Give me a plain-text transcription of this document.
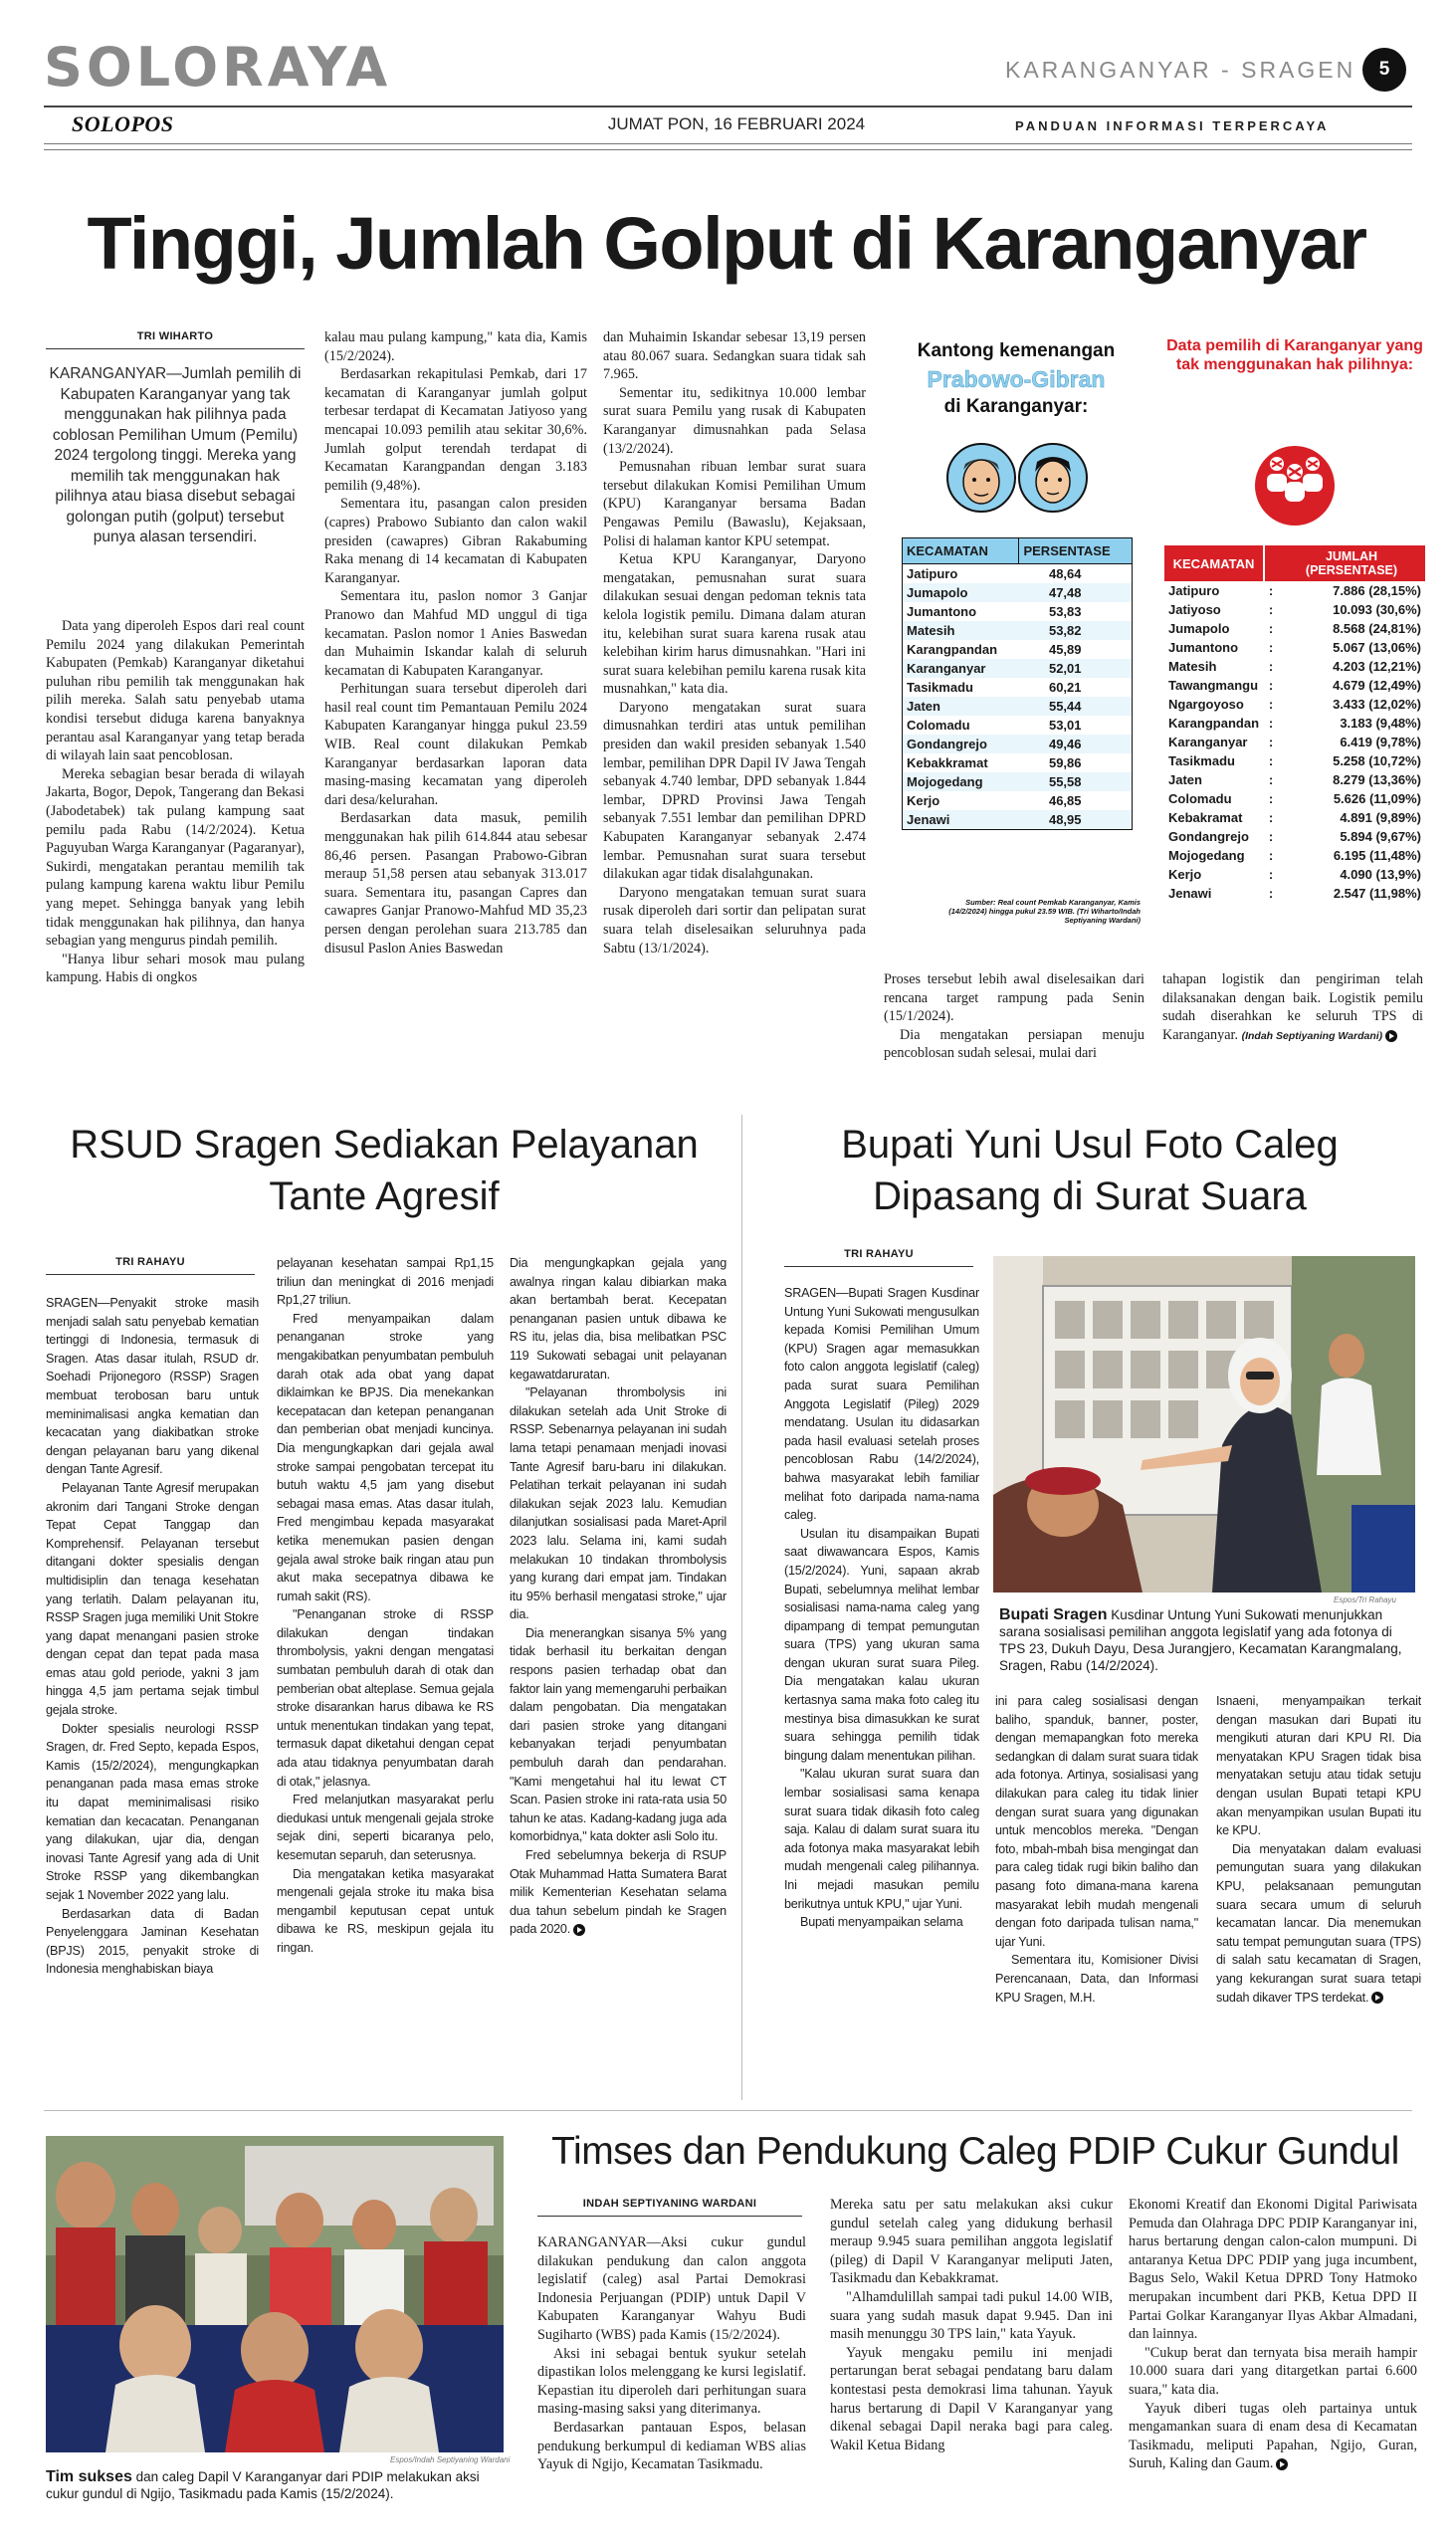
SOLORAYA	KARANGANYAR - SRAGEN	5
SOLOPOS	JUMAT PON, 16 FEBRUARI 2024	PANDUAN INFORMASI TERPERCAYA
Tinggi, Jumlah Golput di Karanganyar
TRI WIHARTO
KARANGANYAR—Jumlah pemilih di Kabupaten Karanganyar yang tak menggunakan hak pilihnya pada coblosan Pemilihan Umum (Pemilu) 2024 tergolong tinggi. Mereka yang memilih tak menggunakan hak pilihnya atau biasa disebut sebagai golongan putih (golput) tersebut punya alasan tersendiri.

Data yang diperoleh Espos dari real count Pemilu 2024 yang dilakukan Pemerintah Kabupaten (Pemkab) Karanganyar diketahui puluhan ribu pemilih tak menggunakan hak pilih mereka. Salah satu penyebab utama kondisi tersebut diduga karena banyaknya perantau asal Karanganyar yang tetap berada di wilayah lain saat pencoblosan.

Mereka sebagian besar berada di wilayah Jakarta, Bogor, Depok, Tangerang dan Bekasi (Jabodetabek) tak pulang kampung saat pemilu pada Rabu (14/2/2024). Ketua Paguyuban Warga Karanganyar (Pagaranyar), Sukirdi, mengatakan perantau memilih tak pulang kampung karena waktu libur Pemilu yang mepet. Sehingga banyak yang lebih tidak menggunakan hak pilihnya, dan hanya sebagian yang mengurus pindah pemilih.

"Hanya libur sehari mosok mau pulang kampung. Habis di ongkos

kalau mau pulang kampung," kata dia, Kamis (15/2/2024).

Berdasarkan rekapitulasi Pemkab, dari 17 kecamatan di Karanganyar jumlah golput terbesar terdapat di Kecamatan Jatiyoso yang mencapai 10.093 pemilih atau sekitar 30,6%. Jumlah golput terendah terdapat di Kecamatan Karangpandan dengan 3.183 pemilih (9,48%).

Sementara itu, pasangan calon presiden (capres) Prabowo Subianto dan calon wakil presiden (cawapres) Gibran Rakabuming Raka menang di 14 kecamatan di Kabupaten Karanganyar.

Sementara itu, paslon nomor 3 Ganjar Pranowo dan Mahfud MD unggul di tiga kecamatan. Paslon nomor 1 Anies Baswedan dan Muhaimin Iskandar kalah di seluruh kecamatan di Kabupaten Karanganyar.

Perhitungan suara tersebut diperoleh dari hasil real count tim Pemantauan Pemilu 2024 Kabupaten Karanganyar hingga pukul 23.59 WIB. Real count dilakukan Pemkab Karanganyar berdasarkan laporan data masing-masing kecamatan yang diperoleh dari desa/kelurahan.

Berdasarkan data masuk, pemilih menggunakan hak pilih 614.844 atau sebesar 86,46 persen. Pasangan Prabowo-Gibran meraup 51,58 persen atau sebanyak 313.017 suara. Sementara itu, pasangan Capres dan cawapres Ganjar Pranowo-Mahfud MD 35,23 persen dengan perolehan suara 213.785 dan disusul Paslon Anies Baswedan

dan Muhaimin Iskandar sebesar 13,19 persen atau 80.067 suara. Sedangkan suara tidak sah 7.965.

Sementar itu, sedikitnya 10.000 lembar surat suara Pemilu yang rusak di Kabupaten Karanganyar dimusnahkan pada Selasa (13/2/2024).

Pemusnahan ribuan lembar surat suara tersebut dilakukan Komisi Pemilihan Umum (KPU) Karanganyar bersama Badan Pengawas Pemilu (Bawaslu), Kejaksaan, Polisi di halaman kantor KPU setempat.

Ketua KPU Karanganyar, Daryono mengatakan, pemusnahan surat suara dilakukan sesuai dengan pedoman teknis tata kelola logistik pemilu. Dimana dalam aturan itu, kelebihan surat suara karena rusak atau kelebihan kirim harus dimusnahkan. "Hari ini surat suara kelebihan pemilu karena rusak kita musnahkan," kata dia.

Daryono mengatakan surat suara dimusnahkan terdiri atas untuk pemilihan presiden dan wakil presiden sebanyak 1.540 lembar, pemilihan DPR Dapil IV Jawa Tengah sebanyak 4.740 lembar, DPD sebanyak 1.844 lembar, DPRD Provinsi Jawa Tengah sebanyak 7.551 lembar dan pemilihan DPRD Kabupaten Karanganyar sebanyak 2.474 lembar. Pemusnahan surat suara tersebut dilakukan agar tidak disalahgunakan.

Daryono mengatakan temuan surat suara rusak diperoleh dari sortir dan pelipatan surat suara telah diselesaikan seluruhnya pada Sabtu (13/1/2024).

Kantong kemenangan
Prabowo-Gibran
di Karanganyar:
KECAMATAN	PERSENTASE
Jatipuro	48,64
Jumapolo	47,48
Jumantono	53,83
Matesih	53,82
Karangpandan	45,89
Karanganyar	52,01
Tasikmadu	60,21
Jaten	55,44
Colomadu	53,01
Gondangrejo	49,46
Kebakkramat	59,86
Mojogedang	55,58
Kerjo	46,85
Jenawi	48,95
Sumber: Real count Pemkab Karanganyar, Kamis (14/2/2024) hingga pukul 23.59 WIB. (Tri Wiharto/Indah Septiyaning Wardani)
Data pemilih di Karanganyar yang tak menggunakan hak pilihnya:
KECAMATAN		JUMLAH (PERSENTASE)
Jatipuro	:	7.886 (28,15%)
Jatiyoso	:	10.093 (30,6%)
Jumapolo	:	8.568 (24,81%)
Jumantono	:	5.067 (13,06%)
Matesih	:	4.203 (12,21%)
Tawangmangu	:	4.679 (12,49%)
Ngargoyoso	:	3.433 (12,02%)
Karangpandan	:	3.183 (9,48%)
Karanganyar	:	6.419 (9,78%)
Tasikmadu	:	5.258 (10,72%)
Jaten	:	8.279 (13,36%)
Colomadu	:	5.626 (11,09%)
Kebakramat	:	4.891 (9,89%)
Gondangrejo	:	5.894 (9,67%)
Mojogedang	:	6.195 (11,48%)
Kerjo	:	4.090 (13,9%)
Jenawi	:	2.547 (11,98%)

Proses tersebut lebih awal diselesaikan dari rencana target rampung pada Senin (15/1/2024).

Dia mengatakan persiapan menuju pencoblosan sudah selesai, mulai dari

tahapan logistik dan pengiriman telah dilaksanakan dengan baik. Logistik pemilu sudah diserahkan ke seluruh TPS di Karanganyar. (Indah Septiyaning Wardani)

RSUD Sragen Sediakan Pelayanan
Tante Agresif
TRI RAHAYU

SRAGEN—Penyakit stroke masih menjadi salah satu penyebab kematian tertinggi di Indonesia, termasuk di Sragen. Atas dasar itulah, RSUD dr. Soehadi Prijonegoro (RSSP) Sragen membuat terobosan baru untuk meminimalisasi angka kematian dan kecacatan yang diakibatkan stroke dengan pelayanan baru yang dikenal dengan Tante Agresif.

Pelayanan Tante Agresif merupakan akronim dari Tangani Stroke dengan Tepat Cepat Tanggap dan Komprehensif. Pelayanan tersebut ditangani dokter spesialis dengan multidisiplin dan tenaga kesehatan yang terlatih. Dalam pelayanan itu, RSSP Sragen juga memiliki Unit Stokre yang dapat menangani pasien stroke dengan cepat dan tepat pada masa emas atau gold periode, yakni 3 jam hingga 4,5 jam pertama sejak timbul gejala stroke.

Dokter spesialis neurologi RSSP Sragen, dr. Fred Septo, kepada Espos, Kamis (15/2/2024), mengungkapkan penanganan pada masa emas stroke itu dapat meminimalisasi risiko kematian dan kecacatan. Penanganan yang dilakukan, ujar dia, dengan inovasi Tante Agresif yang ada di Unit Stroke RSSP yang dikembangkan sejak 1 November 2022 yang lalu.

Berdasarkan data di Badan Penyelenggara Jaminan Kesehatan (BPJS) 2015, penyakit stroke di Indonesia menghabiskan biaya

pelayanan kesehatan sampai Rp1,15 triliun dan meningkat di 2016 menjadi Rp1,27 triliun.

Fred menyampaikan dalam penanganan stroke yang mengakibatkan penyumbatan pembuluh darah otak ada obat yang dapat diklaimkan ke BPJS. Dia menekankan kecepatacan dan ketepan penanganan dan pemberian obat menjadi kuncinya. Dia mengungkapkan dari gejala awal stroke sampai pengobatan tercepat itu butuh waktu 4,5 jam yang disebut sebagai masa emas. Atas dasar itulah, Fred mengimbau kepada masyarakat ketika menemukan pasien dengan gejala awal stroke baik ringan atau pun akut maka secepatnya dibawa ke rumah sakit (RS).

"Penanganan stroke di RSSP dilakukan dengan tindakan thrombolysis, yakni dengan mengatasi sumbatan pembuluh darah di otak dan pemberian obat alteplase. Semua gejala stroke disarankan harus dibawa ke RS untuk menentukan tindakan yang tepat, termasuk dapat diketahui dengan cepat ada atau tidaknya penyumbatan darah di otak," jelasnya.

Fred melanjutkan masyarakat perlu diedukasi untuk mengenali gejala stroke sejak dini, seperti bicaranya pelo, kesemutan separuh, dan seterusnya.

Dia mengatakan ketika masyarakat mengenali gejala stroke itu maka bisa mengambil keputusan cepat untuk dibawa ke RS, meskipun gejala itu ringan.

Dia mengungkapkan gejala yang awalnya ringan kalau dibiarkan maka akan bertambah berat. Kecepatan penanganan pasien untuk dibawa ke RS itu, jelas dia, bisa melibatkan PSC 119 Sukowati sebagai unit pelayanan kegawatdaruratan.

"Pelayanan thrombolysis ini dilakukan setelah ada Unit Stroke di RSSP. Sebenarnya pelayanan ini sudah lama tetapi penamaan menjadi inovasi Tante Agresif baru-baru ini dilakukan. Pelatihan terkait pelayanan ini sudah dilakukan sejak 2023 lalu. Kemudian dilanjutkan sosialisasi pada Maret-April 2023 lalu. Selama ini, kami sudah melakukan 10 tindakan thrombolysis yang kurang dari empat jam. Tindakan itu 95% berhasil mengatasi stroke," ujar dia.

Dia menerangkan sisanya 5% yang tidak berhasil itu berkaitan dengan respons pasien terhadap obat dan faktor lain yang memengaruhi perbaikan dalam pengobatan. Dia mengatakan dari pasien stroke yang ditangani kebanyakan terjadi penyumbatan pembuluh darah dan pendarahan. "Kami mengetahui hal itu lewat CT Scan. Pasien stroke ini rata-rata usia 50 tahun ke atas. Kadang-kadang juga ada komorbidnya," kata dokter asli Solo itu.

Fred sebelumnya bekerja di RSUP Otak Muhammad Hatta Sumatera Barat milik Kementerian Kesehatan selama dua tahun sebelum pindah ke Sragen pada 2020.

Bupati Yuni Usul Foto Caleg
Dipasang di Surat Suara
TRI RAHAYU

SRAGEN—Bupati Sragen Kusdinar Untung Yuni Sukowati mengusulkan kepada Komisi Pemilihan Umum (KPU) Sragen agar memasukkan foto calon anggota legislatif (caleg) pada surat suara Pemilihan Anggota Legislatif (Pileg) 2029 mendatang. Usulan itu didasarkan pada hasil evaluasi setelah proses pencoblosan Rabu (14/2/2024), bahwa masyarakat lebih familiar melihat foto daripada nama-nama caleg.

Usulan itu disampaikan Bupati saat diwawancara Espos, Kamis (15/2/2024). Yuni, sapaan akrab Bupati, sebelumnya melihat lembar sosialisasi nama-nama caleg yang dipampang di tempat pemungutan suara (TPS) yang ukuran sama dengan ukuran surat suara Pileg. Dia mengatakan kalau ukuran kertasnya sama maka foto caleg itu mestinya bisa dimasukkan ke surat suara sehingga pemilih tidak bingung dalam menentukan pilihan.

"Kalau ukuran surat suara dan lembar sosialisasi sama kenapa surat suara tidak dikasih foto caleg saja. Kalau di dalam surat suara itu ada fotonya maka masyarakat lebih mudah mengenali caleg pilihannya. Ini mejadi masukan pemilu berikutnya untuk KPU," ujar Yuni.

Bupati menyampaikan selama

Espos/Tri Rahayu
Bupati Sragen Kusdinar Untung Yuni Sukowati menunjukkan sarana sosialisasi pemilihan anggota legislatif yang ada fotonya di TPS 23, Dukuh Dayu, Desa Jurangjero, Kecamatan Karangmalang, Sragen, Rabu (14/2/2024).

ini para caleg sosialisasi dengan baliho, spanduk, banner, poster, dengan memapangkan foto mereka sedangkan di dalam surat suara tidak ada fotonya. Artinya, sosialisasi yang dilakukan para caleg itu tidak linier dengan surat suara yang digunakan untuk mencoblos mereka. "Dengan foto, mbah-mbah bisa mengingat dan para caleg tidak rugi bikin baliho dan pasang foto dimana-mana karena masyarakat lebih mudah mengenali dengan foto daripada tulisan nama," ujar Yuni.

Sementara itu, Komisioner Divisi Perencanaan, Data, dan Informasi KPU Sragen, M.H.

Isnaeni, menyampaikan terkait dengan masukan dari Bupati itu mengikuti aturan dari KPU RI. Dia menyatakan KPU Sragen tidak bisa menyatakan setuju atau tidak setuju dengan usulan Bupati tetapi KPU akan menyampikan usulan Bupati itu ke KPU.

Dia menyatakan dalam evaluasi pemungutan suara yang dilakukan KPU, pelaksanaan pemungutan suara secara umum di seluruh kecamatan lancar. Dia menemukan satu tempat pemungutan suara (TPS) di salah satu kecamatan di Sragen, yang kekurangan surat suara tetapi sudah dikaver TPS terdekat.

Espos/Indah Septiyaning Wardani
Tim sukses dan caleg Dapil V Karanganyar dari PDIP melakukan aksi cukur gundul di Ngijo, Tasikmadu pada Kamis (15/2/2024).
Timses dan Pendukung Caleg PDIP Cukur Gundul
INDAH SEPTIYANING WARDANI

KARANGANYAR—Aksi cukur gundul dilakukan pendukung dan calon anggota legislatif (caleg) asal Partai Demokrasi Indonesia Perjuangan (PDIP) untuk Dapil V Kabupaten Karanganyar Wahyu Budi Sugiharto (WBS) pada Kamis (15/2/2024).

Aksi ini sebagai bentuk syukur setelah dipastikan lolos melenggang ke kursi legislatif. Kepastian itu diperoleh dari perhitungan suara masing-masing saksi yang diterimanya.

Berdasarkan pantauan Espos, belasan pendukung berkumpul di kediaman WBS alias Yayuk di Ngijo, Kecamatan Tasikmadu.

Mereka satu per satu melakukan aksi cukur gundul setelah caleg yang didukung berhasil meraup 9.945 suara pemilihan anggota legislatif (pileg) di Dapil V Karanganyar meliputi Jaten, Tasikmadu dan Kebakkramat.

"Alhamdulillah sampai tadi pukul 14.00 WIB, suara yang sudah masuk dapat 9.945. Dan ini masih menunggu 30 TPS lain," kata Yayuk.

Yayuk mengaku pemilu ini menjadi pertarungan berat sebagai pendatang baru dalam kontestasi pesta demokrasi lima tahunan. Yayuk harus bertarung di Dapil V Karanganyar yang dikenal sebagai Dapil neraka bagi para caleg. Wakil Ketua Bidang

Ekonomi Kreatif dan Ekonomi Digital Pariwisata Pemuda dan Olahraga DPC PDIP Karanganyar ini, harus bertarung dengan calon-calon mumpuni. Di antaranya Ketua DPC PDIP yang juga incumbent, Bagus Selo, Wakil Ketua DPRD Tony Hatmoko merupakan incumbent dari PKB, Ketua DPD II Partai Golkar Karanganyar Ilyas Akbar Almadani, dan lainnya.

"Cukup berat dan ternyata bisa meraih hampir 10.000 suara dari yang ditargetkan partai 6.600 suara," kata dia.

Yayuk diberi tugas oleh partainya untuk mengamankan suara di enam desa di Kecamatan Tasikmadu, meliputi Papahan, Ngijo, Guran, Suruh, Kaling dan Gaum.
